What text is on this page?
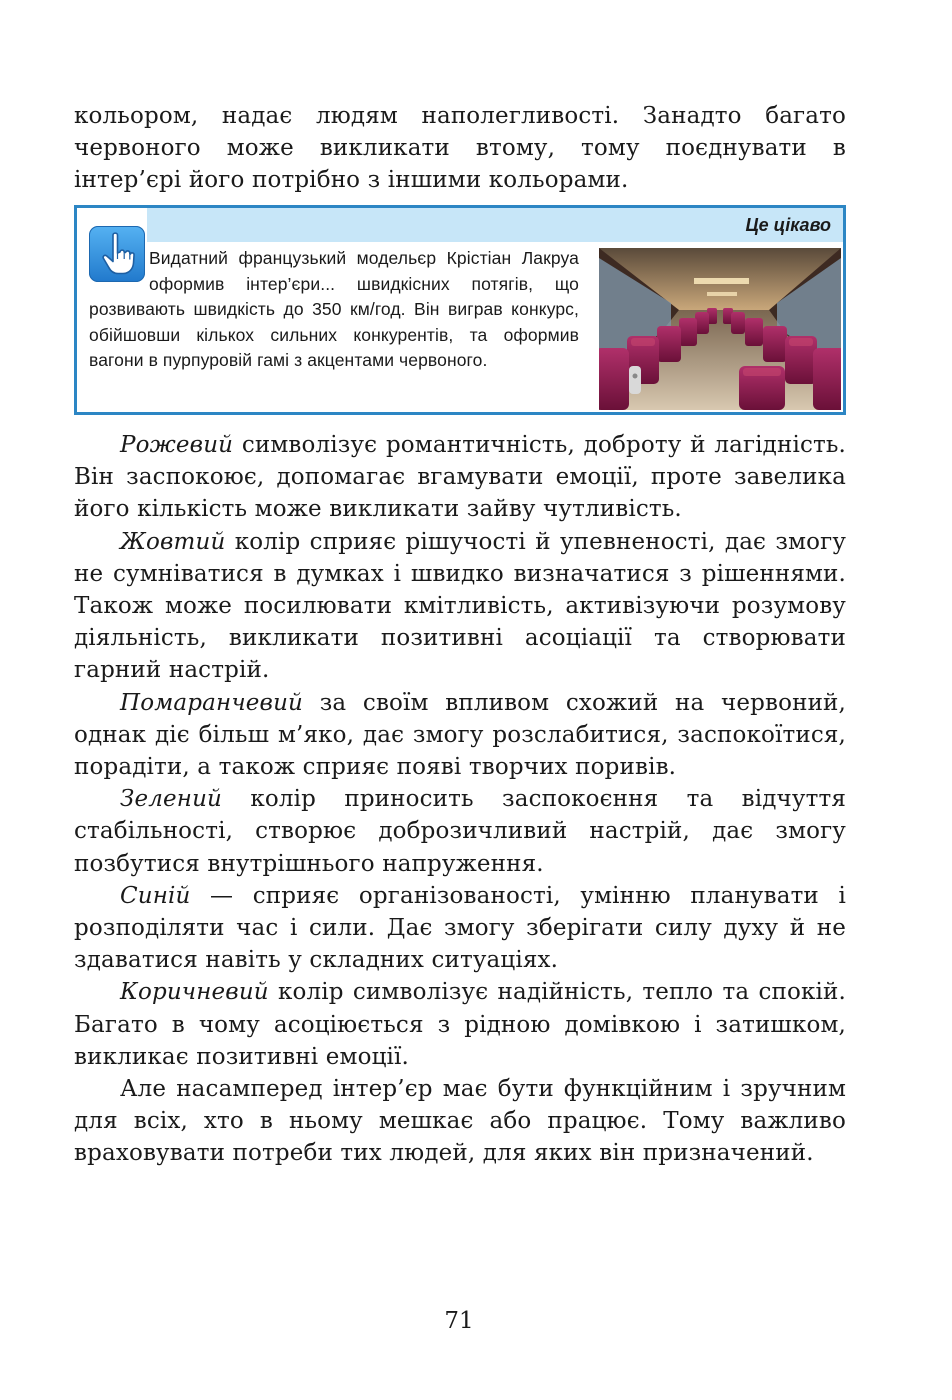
кольором, надає людям наполегливості. Занадто багато червоного може викликати втому, тому поєднувати в інтер’єрі його потрібно з іншими кольорами.

Це цікаво
Видатний французький модельєр Крістіан Лакруа оформив інтер’єри... швидкісних потягів, що розвивають швидкість до 350 км/год. Він виграв конкурс, обійшовши кількох сильних конкурентів, та оформив вагони в пурпуровій гамі з акцентами червоного.

Рожевий символізує романтичність, доброту й лагідність. Він заспокоює, допомагає вгамувати емоції, проте завелика його кількість може викликати зайву чутливість.

Жовтий колір сприяє рішучості й упевненості, дає змогу не сумніватися в думках і швидко визначатися з рішеннями. Також може посилювати кмітливість, активізуючи розумову діяльність, викликати позитивні асоціації та створювати гарний настрій.

Помаранчевий за своїм впливом схожий на червоний, однак діє більш м’яко, дає змогу розслабитися, заспокоїтися, порадіти, а також сприяє появі творчих поривів.

Зелений колір приносить заспокоєння та відчуття стабільності, створює доброзичливий настрій, дає змогу позбутися внутрішнього напруження.

Синій — сприяє організованості, умінню планувати і розподіляти час і сили. Дає змогу зберігати силу духу й не здаватися навіть у складних ситуаціях.

Коричневий колір символізує надійність, тепло та спокій. Багато в чому асоціюється з рідною домівкою і затишком, викликає позитивні емоції.

Але насамперед інтер’єр має бути функційним і зручним для всіх, хто в ньому мешкає або працює. Тому важливо враховувати потреби тих людей, для яких він призначений.

71
